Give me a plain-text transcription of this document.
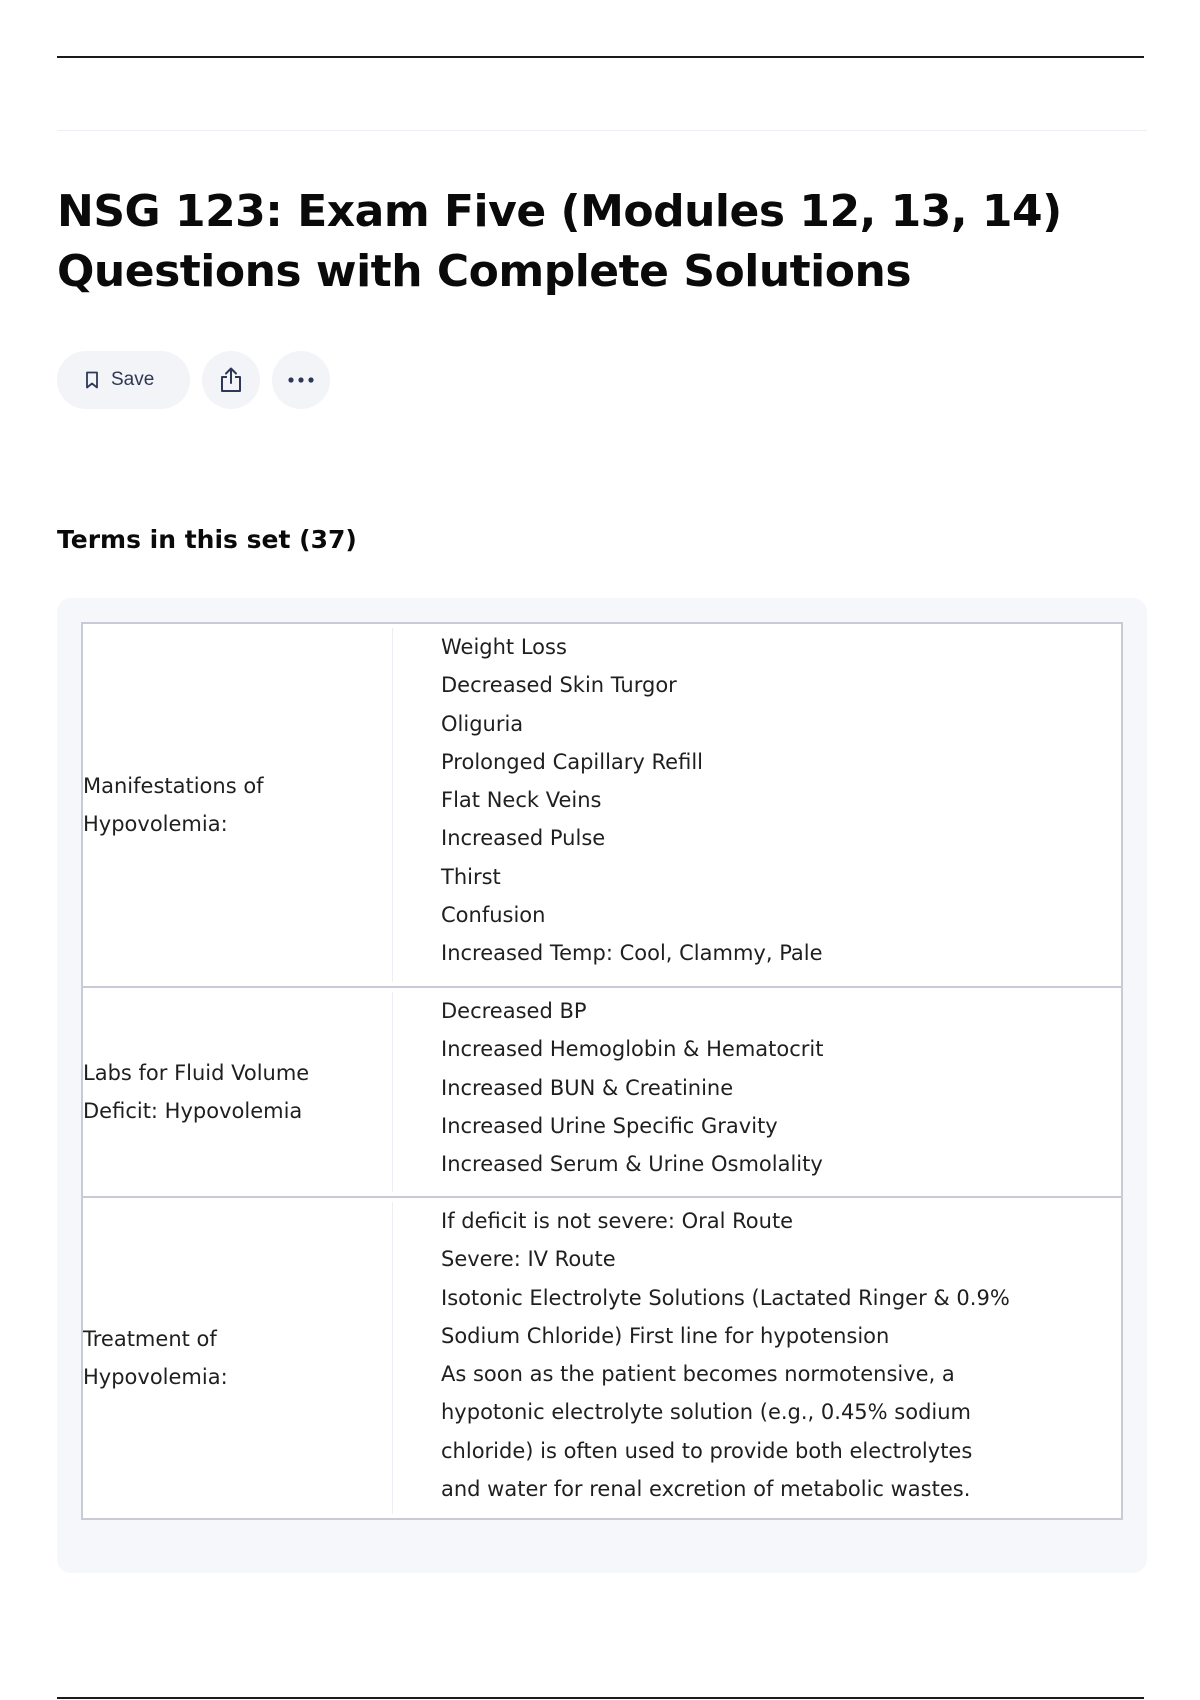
NSG 123: Exam Five (Modules 12, 13, 14) Questions with Complete Solutions
Save
Terms in this set (37)
Manifestations of
Hypovolemia:
Weight Loss
Decreased Skin Turgor
Oliguria
Prolonged Capillary Refill
Flat Neck Veins
Increased Pulse
Thirst
Confusion
Increased Temp: Cool, Clammy, Pale
Labs for Fluid Volume
Deficit: Hypovolemia
Decreased BP
Increased Hemoglobin & Hematocrit
Increased BUN & Creatinine
Increased Urine Specific Gravity
Increased Serum & Urine Osmolality
Treatment of
Hypovolemia:
If deficit is not severe: Oral Route
Severe: IV Route
Isotonic Electrolyte Solutions (Lactated Ringer & 0.9%
Sodium Chloride) First line for hypotension
As soon as the patient becomes normotensive, a
hypotonic electrolyte solution (e.g., 0.45% sodium
chloride) is often used to provide both electrolytes
and water for renal excretion of metabolic wastes.
